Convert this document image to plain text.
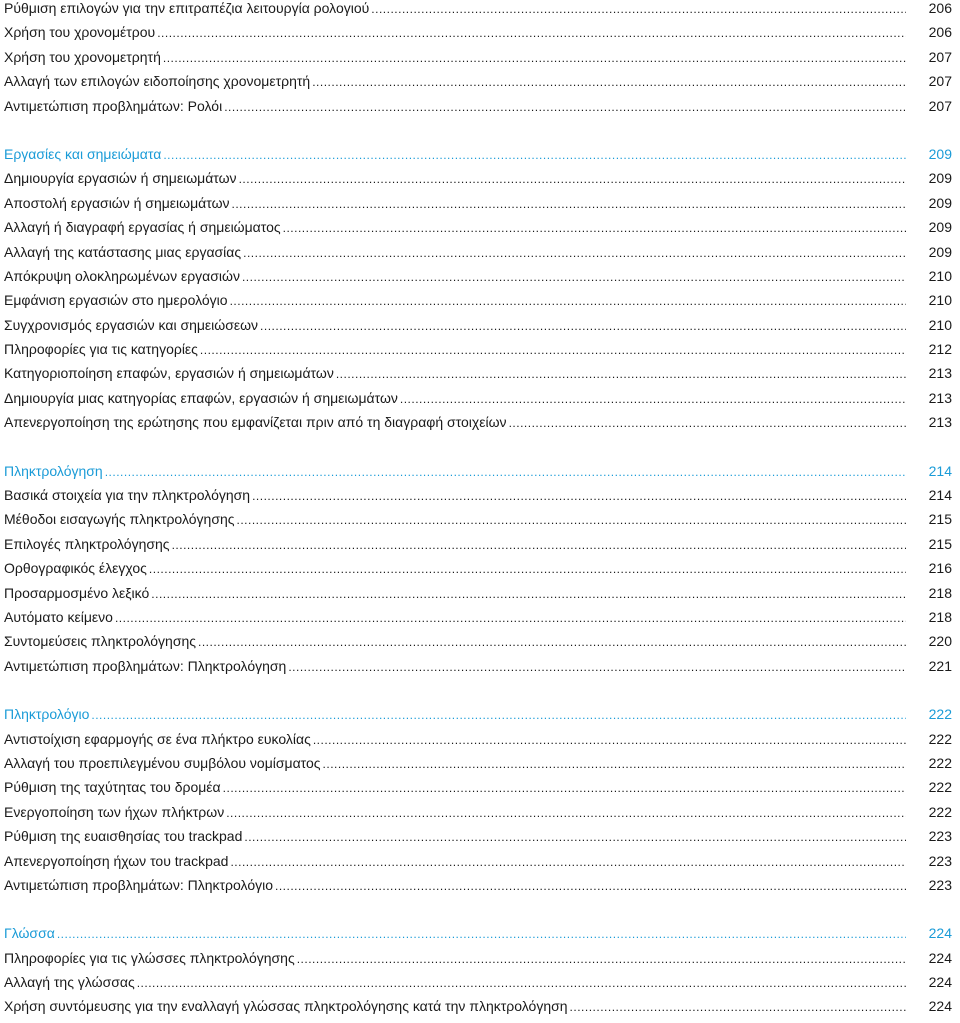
Ρύθμιση επιλογών για την επιτραπέζια λειτουργία ρολογιού .....	206
Χρήση του χρονομέτρου .....	206
Χρήση του χρονομετρητή .....	207
Αλλαγή των επιλογών ειδοποίησης χρονομετρητή .....	207
Αντιμετώπιση προβλημάτων: Ρολόι .....	207
Εργασίες και σημειώματα .....	209
Δημιουργία εργασιών ή σημειωμάτων .....	209
Αποστολή εργασιών ή σημειωμάτων .....	209
Αλλαγή ή διαγραφή εργασίας ή σημειώματος .....	209
Αλλαγή της κατάστασης μιας εργασίας .....	209
Απόκρυψη ολοκληρωμένων εργασιών .....	210
Εμφάνιση εργασιών στο ημερολόγιο .....	210
Συγχρονισμός εργασιών και σημειώσεων .....	210
Πληροφορίες για τις κατηγορίες .....	212
Κατηγοριοποίηση επαφών, εργασιών ή σημειωμάτων .....	213
Δημιουργία μιας κατηγορίας επαφών, εργασιών ή σημειωμάτων .....	213
Απενεργοποίηση της ερώτησης που εμφανίζεται πριν από τη διαγραφή στοιχείων .....	213
Πληκτρολόγηση .....	214
Βασικά στοιχεία για την πληκτρολόγηση .....	214
Μέθοδοι εισαγωγής πληκτρολόγησης .....	215
Επιλογές πληκτρολόγησης .....	215
Ορθογραφικός έλεγχος .....	216
Προσαρμοσμένο λεξικό .....	218
Αυτόματο κείμενο .....	218
Συντομεύσεις πληκτρολόγησης .....	220
Αντιμετώπιση προβλημάτων: Πληκτρολόγηση .....	221
Πληκτρολόγιο .....	222
Αντιστοίχιση εφαρμογής σε ένα πλήκτρο ευκολίας .....	222
Αλλαγή του προεπιλεγμένου συμβόλου νομίσματος .....	222
Ρύθμιση της ταχύτητας του δρομέα .....	222
Ενεργοποίηση των ήχων πλήκτρων .....	222
Ρύθμιση της ευαισθησίας του trackpad .....	223
Απενεργοποίηση ήχων του trackpad .....	223
Αντιμετώπιση προβλημάτων: Πληκτρολόγιο .....	223
Γλώσσα .....	224
Πληροφορίες για τις γλώσσες πληκτρολόγησης .....	224
Αλλαγή της γλώσσας .....	224
Χρήση συντόμευσης για την εναλλαγή γλώσσας πληκτρολόγησης κατά την πληκτρολόγηση .....	224
